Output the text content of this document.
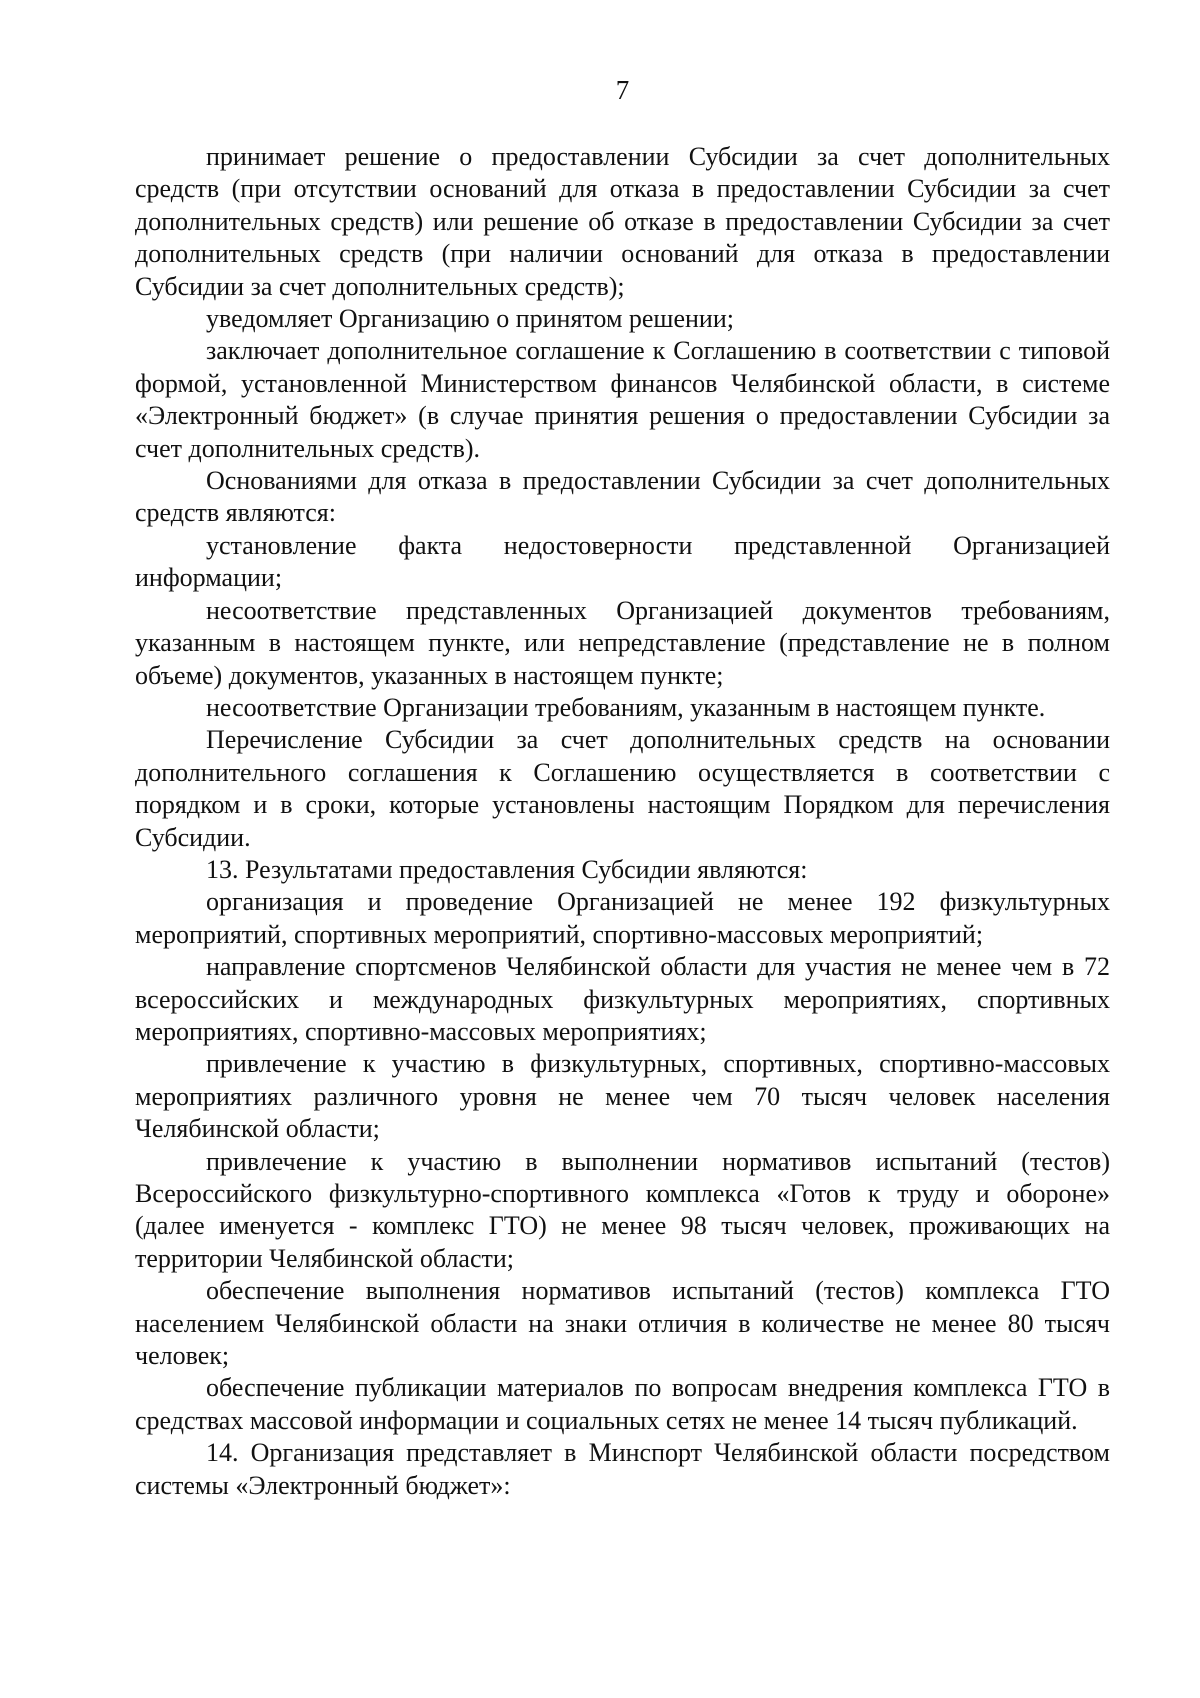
7

принимает решение о предоставлении Субсидии за счет дополнительных средств (при отсутствии оснований для отказа в предоставлении Субсидии за счет дополнительных средств) или решение об отказе в предоставлении Субсидии за счет дополнительных средств (при наличии оснований для отказа в предоставлении Субсидии за счет дополнительных средств);

уведомляет Организацию о принятом решении;

заключает дополнительное соглашение к Соглашению в соответствии с типовой формой, установленной Министерством финансов Челябинской области, в системе «Электронный бюджет» (в случае принятия решения о предоставлении Субсидии за счет дополнительных средств).

Основаниями для отказа в предоставлении Субсидии за счет дополнительных средств являются:

установление факта недостоверности представленной Организацией информации;

несоответствие представленных Организацией документов требованиям, указанным в настоящем пункте, или непредставление (представление не в полном объеме) документов, указанных в настоящем пункте;

несоответствие Организации требованиям, указанным в настоящем пункте.

Перечисление Субсидии за счет дополнительных средств на основании дополнительного соглашения к Соглашению осуществляется в соответствии с порядком и в сроки, которые установлены настоящим Порядком для перечисления Субсидии.

13. Результатами предоставления Субсидии являются:

организация и проведение Организацией не менее 192 физкультурных мероприятий, спортивных мероприятий, спортивно-массовых мероприятий;

направление спортсменов Челябинской области для участия не менее чем в 72 всероссийских и международных физкультурных мероприятиях, спортивных мероприятиях, спортивно-массовых мероприятиях;

привлечение к участию в физкультурных, спортивных, спортивно-массовых мероприятиях различного уровня не менее чем 70 тысяч человек населения Челябинской области;

привлечение к участию в выполнении нормативов испытаний (тестов) Всероссийского физкультурно-спортивного комплекса «Готов к труду и обороне» (далее именуется - комплекс ГТО) не менее 98 тысяч человек, проживающих на территории Челябинской области;

обеспечение выполнения нормативов испытаний (тестов) комплекса ГТО населением Челябинской области на знаки отличия в количестве не менее 80 тысяч человек;

обеспечение публикации материалов по вопросам внедрения комплекса ГТО в средствах массовой информации и социальных сетях не менее 14 тысяч публикаций.

14. Организация представляет в Минспорт Челябинской области посредством системы «Электронный бюджет»:
